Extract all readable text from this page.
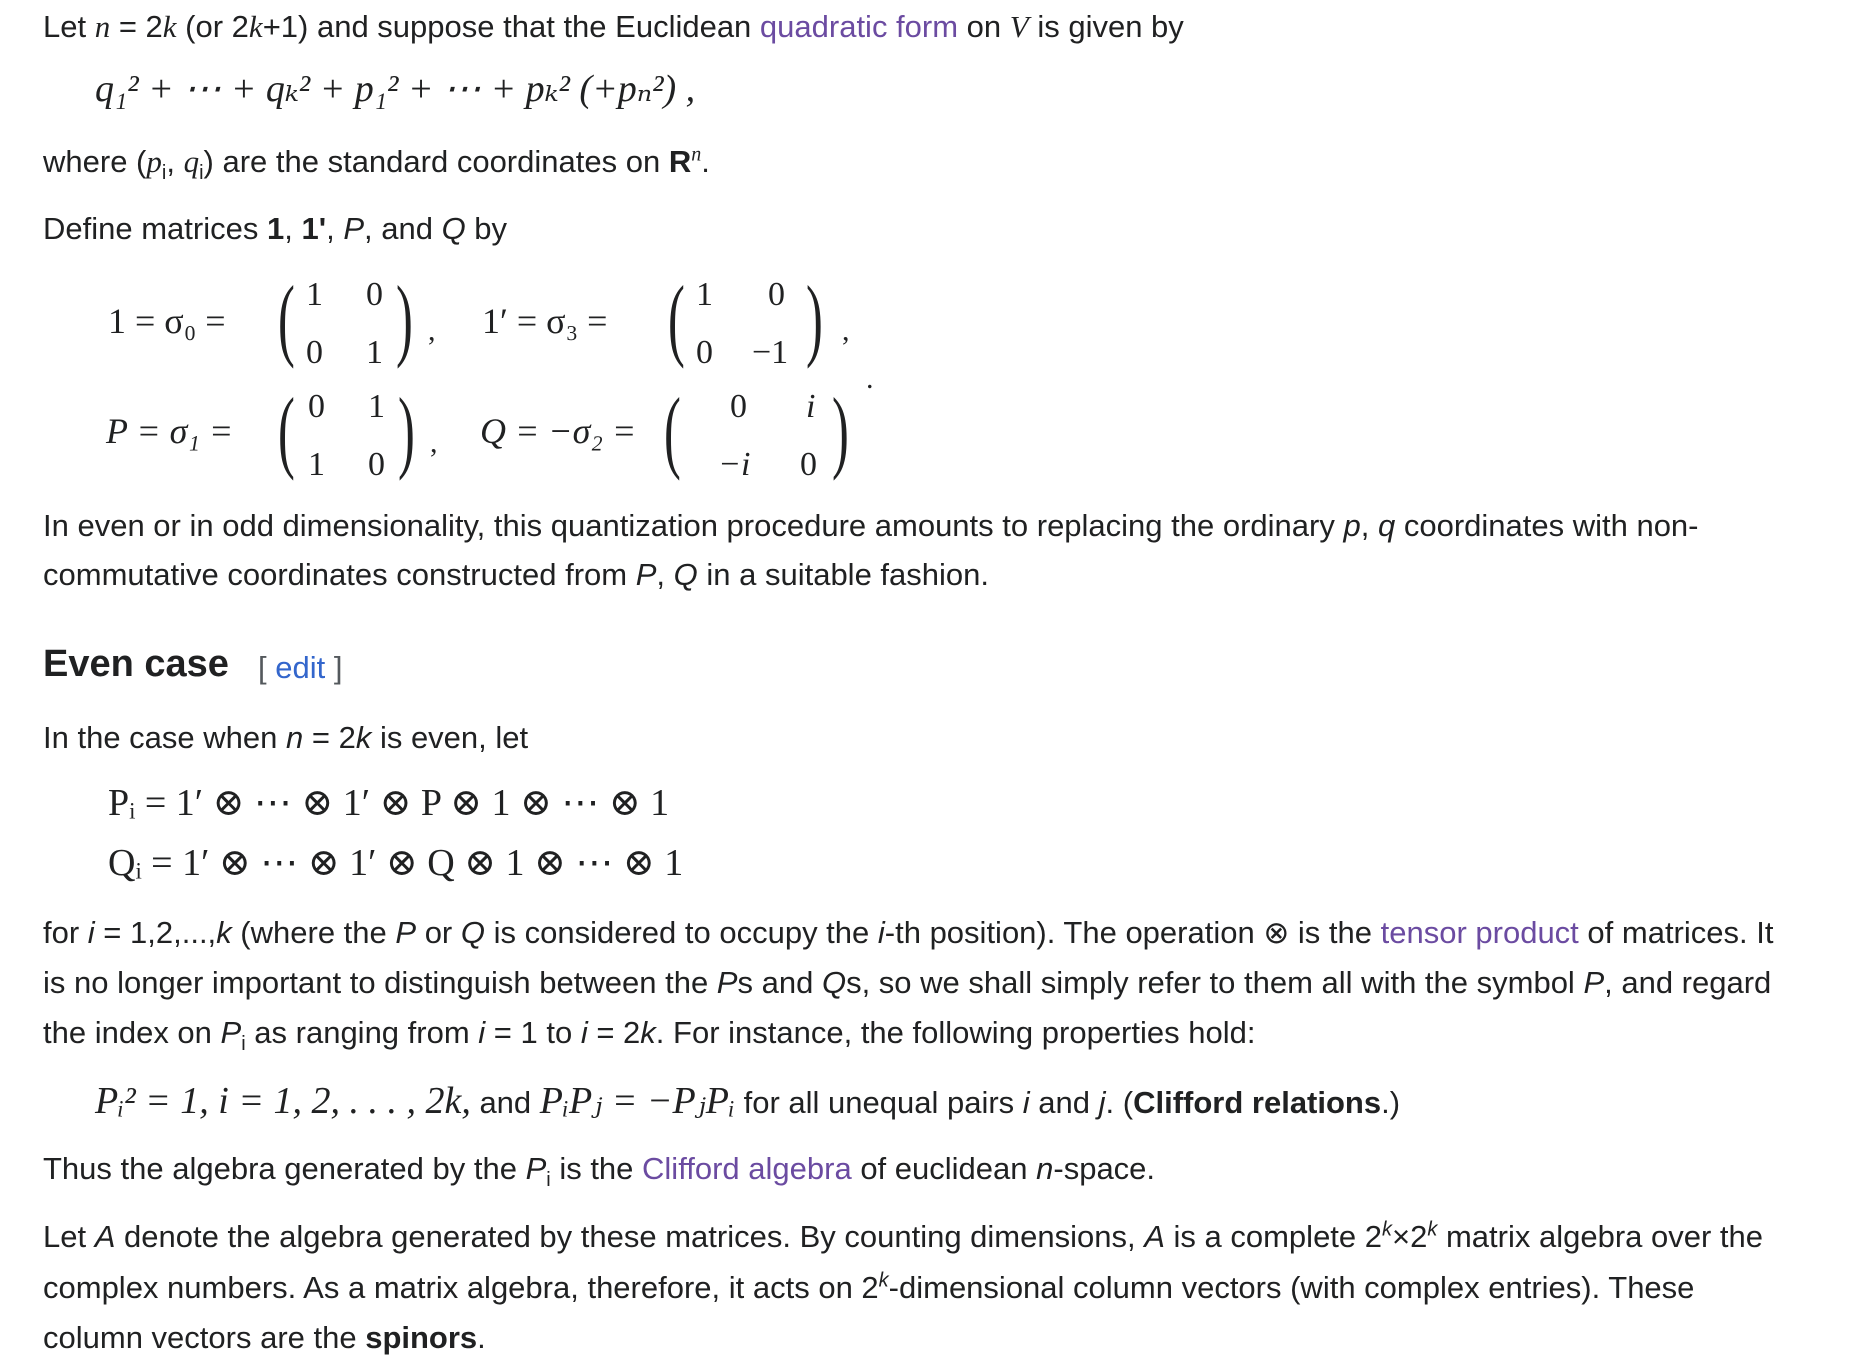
Let n = 2k (or 2k+1) and suppose that the Euclidean quadratic form on V is given by

q₁² + ⋯ + qₖ² + p₁² + ⋯ + pₖ² (+pₙ²) ,

where ($p_i$, $q_i$) are the standard coordinates on $R^n$.

Define matrices 1, 1', P, and Q by

1 = σ₀ = ( 1 0
0 1 ) , 1′ = σ₃ = ( 1 0
0 −1 ) ,
P = σ₁ = ( 0 1
1 0 ) , Q = −σ₂ = ( 0 i
−i 0 )
.

In even or in odd dimensionality, this quantization procedure amounts to replacing the ordinary p, q coordinates with non-

commutative coordinates constructed from P, Q in a suitable fashion.

Even case [ edit ]

In the case when n = 2k is even, let

Pᵢ = 1′ ⊗ ⋯ ⊗ 1′ ⊗ P ⊗ 1 ⊗ ⋯ ⊗ 1
Qᵢ = 1′ ⊗ ⋯ ⊗ 1′ ⊗ Q ⊗ 1 ⊗ ⋯ ⊗ 1

for i = 1,2,...,k (where the P or Q is considered to occupy the i-th position). The operation ⊗ is the tensor product of matrices. It

is no longer important to distinguish between the Ps and Qs, so we shall simply refer to them all with the symbol P, and regard

the index on $P_i$ as ranging from i = 1 to i = 2k. For instance, the following properties hold:

Pᵢ² = 1, i = 1, 2, . . . , 2k, and PᵢPⱼ = −PⱼPᵢ for all unequal pairs i and j. (Clifford relations.)

Thus the algebra generated by the $P_i$ is the Clifford algebra of euclidean n-space.

Let A denote the algebra generated by these matrices. By counting dimensions, A is a complete $2^k\times 2^k$ matrix algebra over the

complex numbers. As a matrix algebra, therefore, it acts on 2$^k$-dimensional column vectors (with complex entries). These

column vectors are the spinors.
